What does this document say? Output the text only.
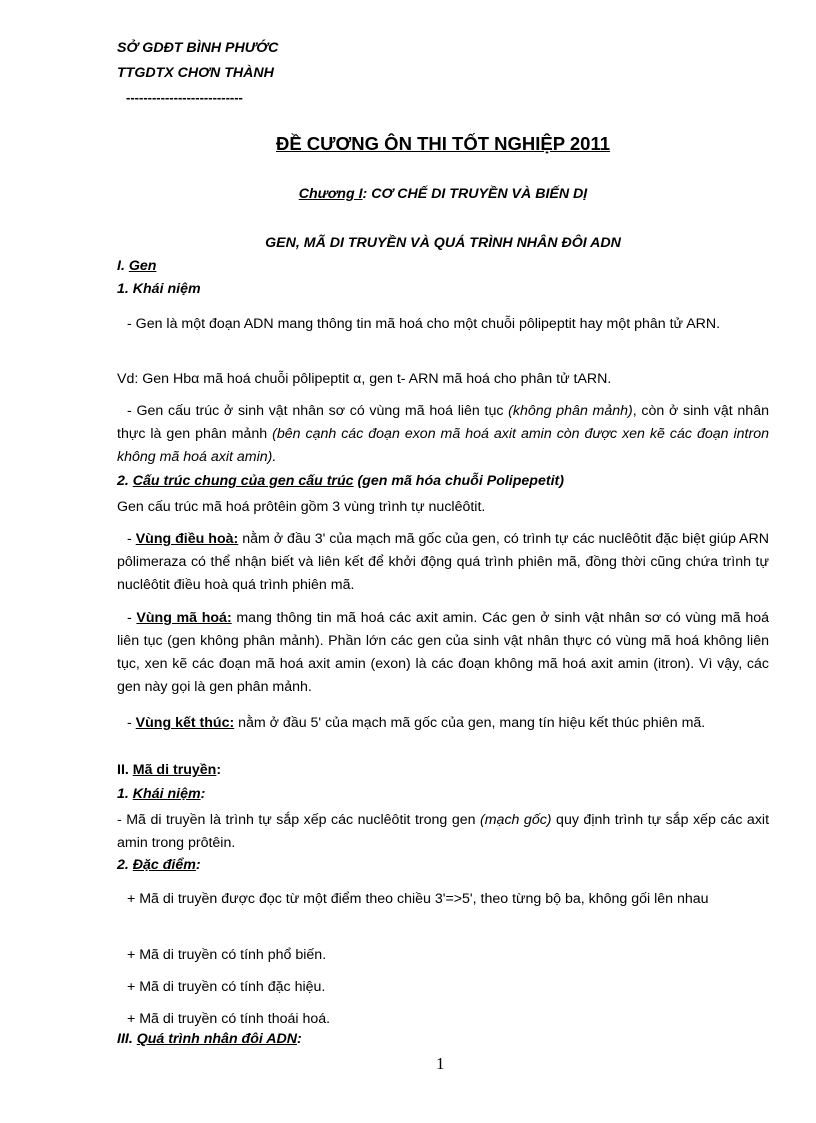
SỞ GDĐT BÌNH PHƯỚC
TTGDTX CHƠN THÀNH
---------------------------
ĐỀ CƯƠNG ÔN THI TỐT NGHIỆP 2011
Chương I: CƠ CHẾ DI TRUYỀN VÀ BIẾN DỊ
GEN, MÃ DI TRUYỀN VÀ QUÁ TRÌNH NHÂN ĐÔI ADN
I. Gen
1. Khái niệm
- Gen là một đoạn ADN mang thông tin mã hoá cho một chuỗi pôlipeptit hay một phân tử ARN.
Vd: Gen Hbα mã hoá chuỗi pôlipeptit α, gen t- ARN mã hoá cho phân tử tARN.
- Gen cấu trúc ở sinh vật nhân sơ có vùng mã hoá liên tục (không phân mảnh), còn ở sinh vật nhân thực là gen phân mảnh (bên cạnh các đoạn exon mã hoá axit amin còn được xen kẽ các đoạn intron không mã hoá axit amin).
2. Cấu trúc chung của gen cấu trúc (gen mã hóa chuỗi Polipepetit)
Gen cấu trúc mã hoá prôtêin gồm 3 vùng trình tự nuclêôtit.
- Vùng điều hoà: nằm ở đầu 3' của mạch mã gốc của gen, có trình tự các nuclêôtit đặc biệt giúp ARN pôlimeraza có thể nhận biết và liên kết để khởi động quá trình phiên mã, đồng thời cũng chứa trình tự nuclêôtit điều hoà quá trình phiên mã.
- Vùng mã hoá: mang thông tin mã hoá các axit amin. Các gen ở sinh vật nhân sơ có vùng mã hoá liên tục (gen không phân mảnh). Phần lớn các gen của sinh vật nhân thực có vùng mã hoá không liên tục, xen kẽ các đoạn mã hoá axit amin (exon) là các đoạn không mã hoá axit amin (itron). Vì vậy, các gen này gọi là gen phân mảnh.
- Vùng kết thúc: nằm ở đầu 5' của mạch mã gốc của gen, mang tín hiệu kết thúc phiên mã.
II. Mã di truyền:
1. Khái niệm:
- Mã di truyền là trình tự sắp xếp các nuclêôtit trong gen (mạch gốc) quy định trình tự sắp xếp các axit amin trong prôtêin.
2. Đặc điểm:
+ Mã di truyền được đọc từ một điểm theo chiều 3'=>5', theo từng bộ ba, không gối lên nhau
+ Mã di truyền có tính phổ biến.
+ Mã di truyền có tính đặc hiệu.
+ Mã di truyền có tính thoái hoá.
III. Quá trình nhân đôi ADN:
1
